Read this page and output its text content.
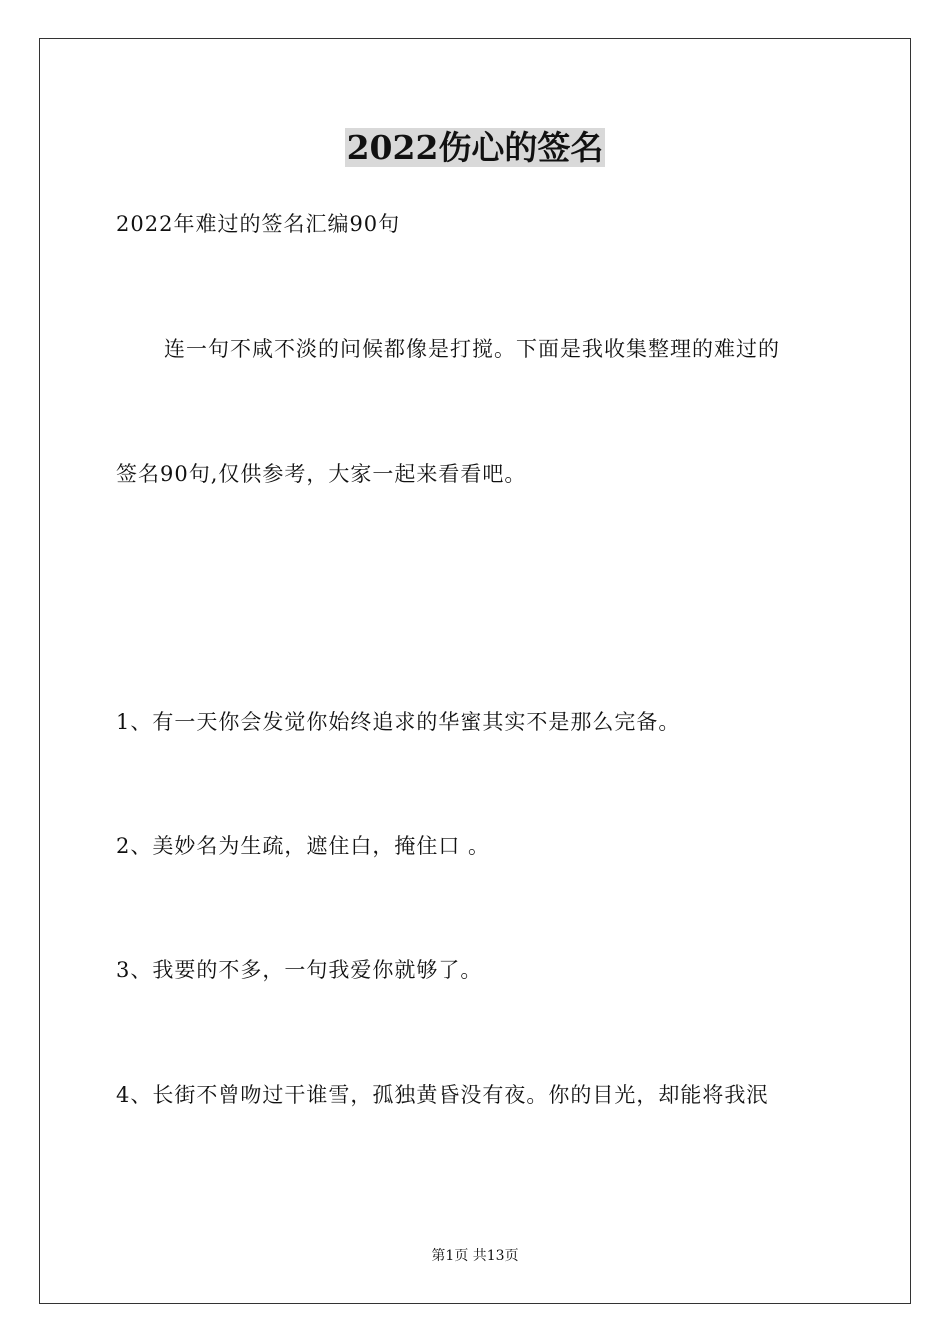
2022伤心的签名
2022年难过的签名汇编90句
连一句不咸不淡的问候都像是打搅。下面是我收集整理的难过的
签名90句,仅供参考，大家一起来看看吧。
1、有一天你会发觉你始终追求的华蜜其实不是那么完备。
2、美妙名为生疏，遮住白，掩住口 。
3、我要的不多，一句我爱你就够了。
4、长街不曾吻过干谁雪，孤独黄昏没有夜。你的目光，却能将我泯
第1页 共13页
